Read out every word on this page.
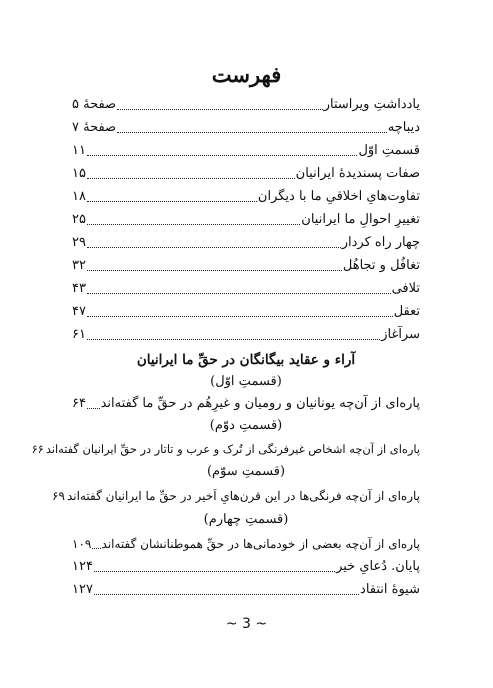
فهرست
یادداشتِ ویراستار
صفحهٔ ۵
دیباچه
صفحهٔ ۷
قسمتِ اوّل
۱۱
صفات پسندیدهٔ ایرانیان
۱۵
تفاوت‌هایِ اخلاقیِ ما با دیگران
۱۸
تغییرِ احوالِ ما ایرانیان
۲۵
چهار راه کردار
۲۹
تغافُل و تجاهُل
۳۲
تلافی
۴۳
تعقل
۴۷
سرآغاز
۶۱
آراء و عقاید بیگانگان در حقِّ ما ایرانیان
(قسمتِ اوّل)
پاره‌ای از آن‌چه یونانیان و رومیان و غیرِهُم در حقِّ ما گفته‌اند
۶۴
(قسمتِ دوّم)
پاره‌ای از آن‌چه اشخاص غیرفرنگی از تُرک و عرب و تاتار در حقِّ ایرانیان گفته‌اند
۶۶
(قسمتِ سوّم)
پاره‌ای از آن‌چه فرنگی‌ها در این قرن‌هایِ اَخیر در حقِّ ما ایرانیان گفته‌اند
۶۹
(قسمتِ چهارم)
پاره‌ای از آن‌چه بعضی از خودمانی‌ها در حقِّ هموطنانشان گفته‌اند
۱۰۹
پایان. دُعایِ خیر
۱۲۴
شیوهٔ انتقاد
۱۲۷
~ 3 ~
